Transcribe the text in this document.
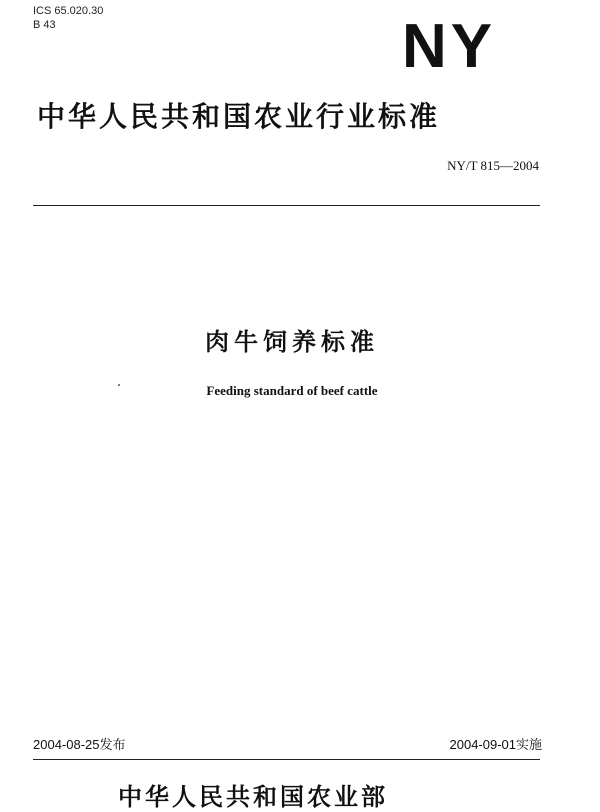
ICS 65.020.30
B 43	NY
中华人民共和国农业行业标准
NY/T 815—2004
肉牛饲养标准
Feeding standard of beef cattle
2004-08-25发布	2004-09-01实施
中华人民共和国农业部
